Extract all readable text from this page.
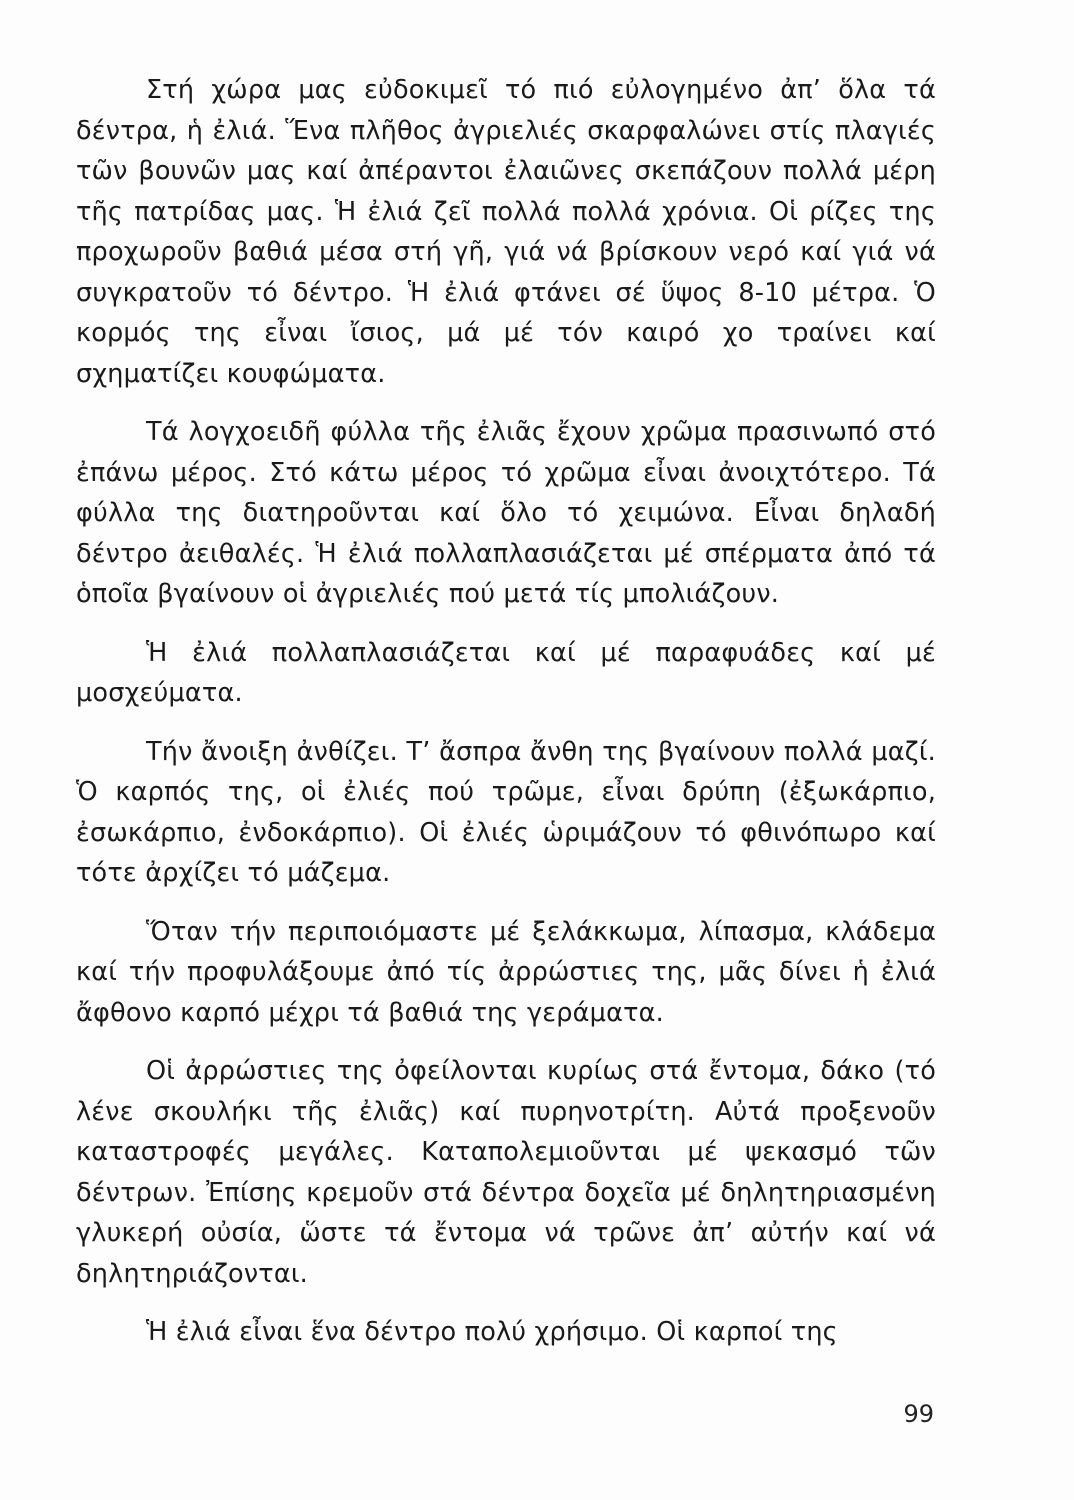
Στή χώρα μας εὐδοκιμεῖ τό πιό εὐλογημένο ἀπ’ ὅλα τά δέντρα, ἡ ἐλιά. Ἕνα πλῆθος ἀγριελιές σκαρφαλώνει στίς πλαγιές τῶν βουνῶν μας καί ἀπέραντοι ἐλαιῶνες σκεπάζουν πολλά μέρη τῆς πατρίδας μας. Ἡ ἐλιά ζεῖ πολλά πολλά χρόνια. Οἱ ρίζες της προχωροῦν βαθιά μέσα στή γῆ, γιά νά βρίσκουν νερό καί γιά νά συγκρατοῦν τό δέντρο. Ἡ ἐλιά φτάνει σέ ὕψος 8-10 μέτρα. Ὁ κορμός της εἶναι ἴσιος, μά μέ τόν καιρό χο τραίνει καί σχηματίζει κουφώματα.

Τά λογχοειδῆ φύλλα τῆς ἐλιᾶς ἔχουν χρῶμα πρασινωπό στό ἐπάνω μέρος. Στό κάτω μέρος τό χρῶμα εἶναι ἀνοιχτότερο. Τά φύλλα της διατηροῦνται καί ὅλο τό χειμώνα. Εἶναι δηλαδή δέντρο ἀειθαλές. Ἡ ἐλιά πολλαπλασιάζεται μέ σπέρματα ἀπό τά ὁποῖα βγαίνουν οἱ ἀγριελιές πού μετά τίς μπολιάζουν.

Ἡ ἐλιά πολλαπλασιάζεται καί μέ παραφυάδες καί μέ μοσχεύματα.

Τήν ἄνοιξη ἀνθίζει. Τ’ ἄσπρα ἄνθη της βγαίνουν πολλά μαζί. Ὁ καρπός της, οἱ ἐλιές πού τρῶμε, εἶναι δρύπη (ἐξωκάρπιο, ἐσωκάρπιο, ἐνδοκάρπιο). Οἱ ἐλιές ὡριμάζουν τό φθινόπωρο καί τότε ἀρχίζει τό μάζεμα.

Ὅταν τήν περιποιόμαστε μέ ξελάκκωμα, λίπασμα, κλάδεμα καί τήν προφυλάξουμε ἀπό τίς ἀρρώστιες της, μᾶς δίνει ἡ ἐλιά ἄφθονο καρπό μέχρι τά βαθιά της γεράματα.

Οἱ ἀρρώστιες της ὀφείλονται κυρίως στά ἔντομα, δάκο (τό λένε σκουλήκι τῆς ἐλιᾶς) καί πυρηνοτρίτη. Αὐτά προξενοῦν καταστροφές μεγάλες. Καταπολεμιοῦνται μέ ψεκασμό τῶν δέντρων. Ἐπίσης κρεμοῦν στά δέντρα δοχεῖα μέ δηλητηριασμένη γλυκερή οὐσία, ὥστε τά ἔντομα νά τρῶνε ἀπ’ αὐτήν καί νά δηλητηριάζονται.

Ἡ ἐλιά εἶναι ἕνα δέντρο πολύ χρήσιμο. Οἱ καρποί της

99
